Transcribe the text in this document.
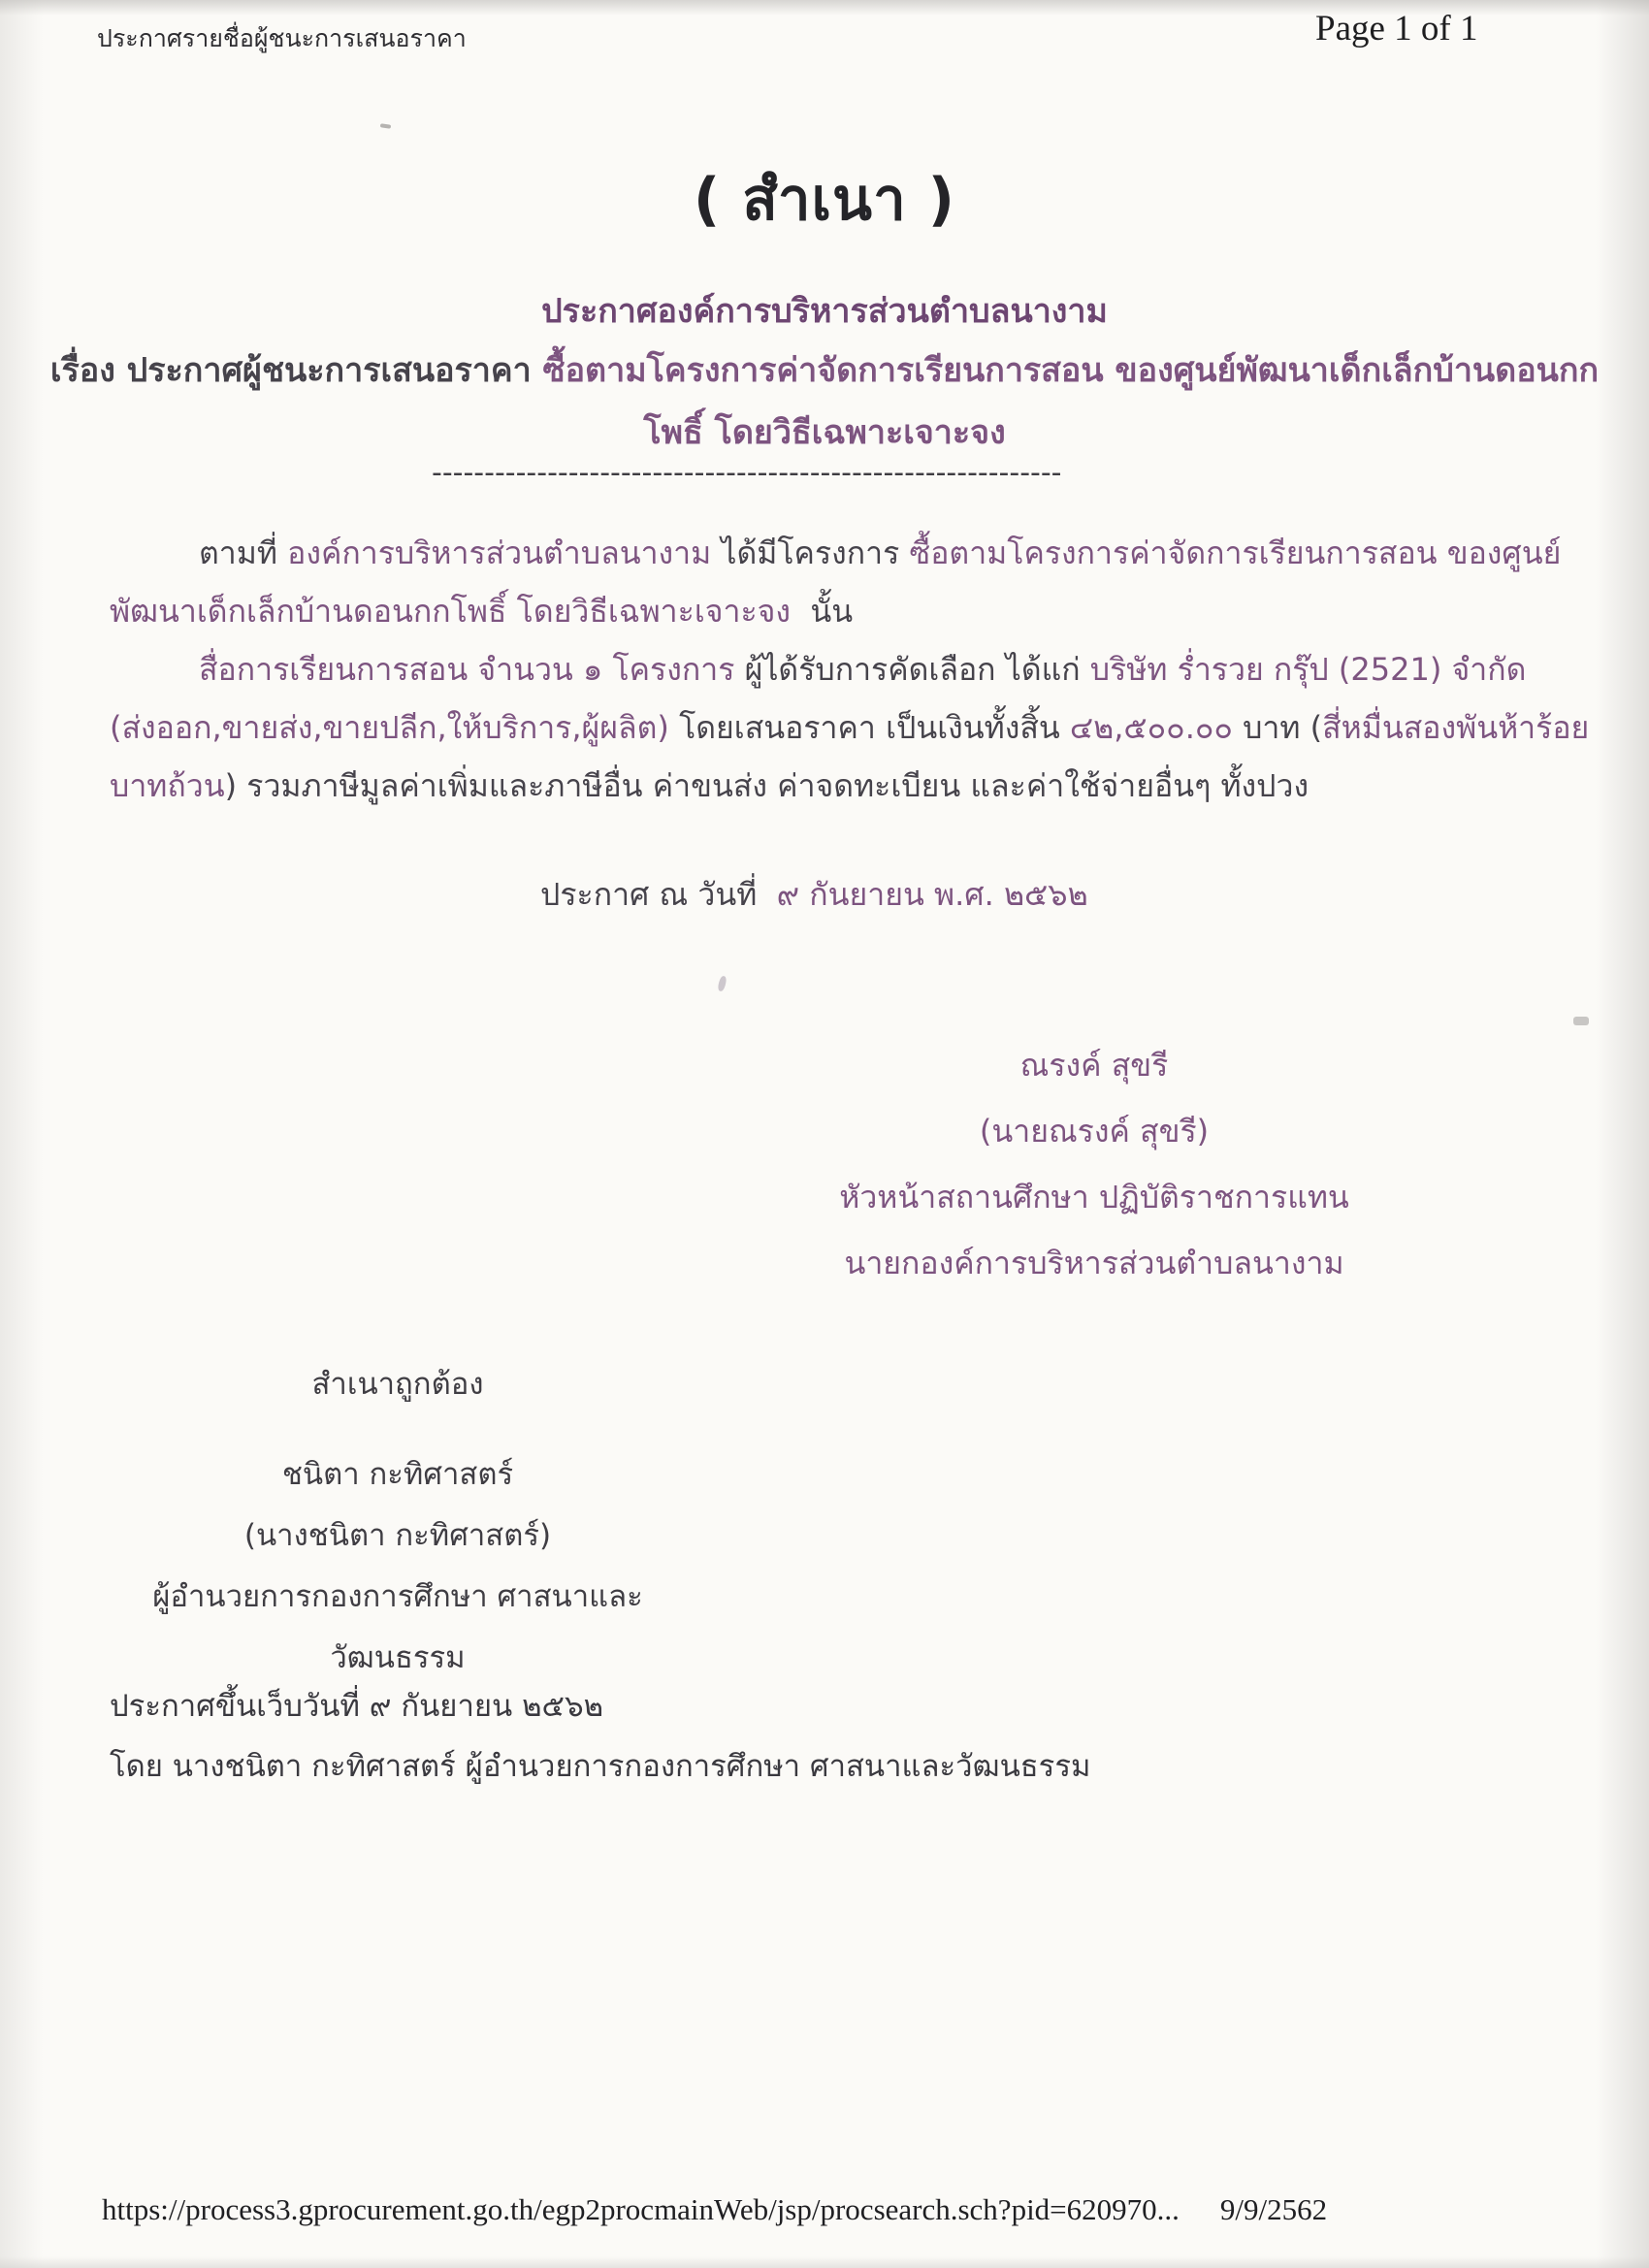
ประกาศรายชื่อผู้ชนะการเสนอราคา	Page 1 of 1
( สำเนา )
ประกาศองค์การบริหารส่วนตำบลนางาม
เรื่อง ประกาศผู้ชนะการเสนอราคา ซื้อตามโครงการค่าจัดการเรียนการสอน ของศูนย์พัฒนาเด็กเล็กบ้านดอนกก
โพธิ์ โดยวิธีเฉพาะเจาะจง
------------------------------------------------------------
ตามที่ องค์การบริหารส่วนตำบลนางาม ได้มีโครงการ ซื้อตามโครงการค่าจัดการเรียนการสอน ของศูนย์
พัฒนาเด็กเล็กบ้านดอนกกโพธิ์ โดยวิธีเฉพาะเจาะจง  นั้น
สื่อการเรียนการสอน จำนวน ๑ โครงการ ผู้ได้รับการคัดเลือก ได้แก่ บริษัท ร่ำรวย กรุ๊ป (2521) จำกัด
(ส่งออก,ขายส่ง,ขายปลีก,ให้บริการ,ผู้ผลิต) โดยเสนอราคา เป็นเงินทั้งสิ้น ๔๒,๕๐๐.๐๐ บาท (สี่หมื่นสองพันห้าร้อย
บาทถ้วน) รวมภาษีมูลค่าเพิ่มและภาษีอื่น ค่าขนส่ง ค่าจดทะเบียน และค่าใช้จ่ายอื่นๆ ทั้งปวง
ประกาศ ณ วันที่  ๙ กันยายน พ.ศ. ๒๕๖๒
ณรงค์ สุขรี
(นายณรงค์ สุขรี)
หัวหน้าสถานศึกษา ปฏิบัติราชการแทน
นายกองค์การบริหารส่วนตำบลนางาม
สำเนาถูกต้อง
ชนิตา กะทิศาสตร์
(นางชนิตา กะทิศาสตร์)
ผู้อำนวยการกองการศึกษา ศาสนาและ
วัฒนธรรม
ประกาศขึ้นเว็บวันที่ ๙ กันยายน ๒๕๖๒
โดย นางชนิตา กะทิศาสตร์ ผู้อำนวยการกองการศึกษา ศาสนาและวัฒนธรรม
https://process3.gprocurement.go.th/egp2procmainWeb/jsp/procsearch.sch?pid=620970... 9/9/2562
